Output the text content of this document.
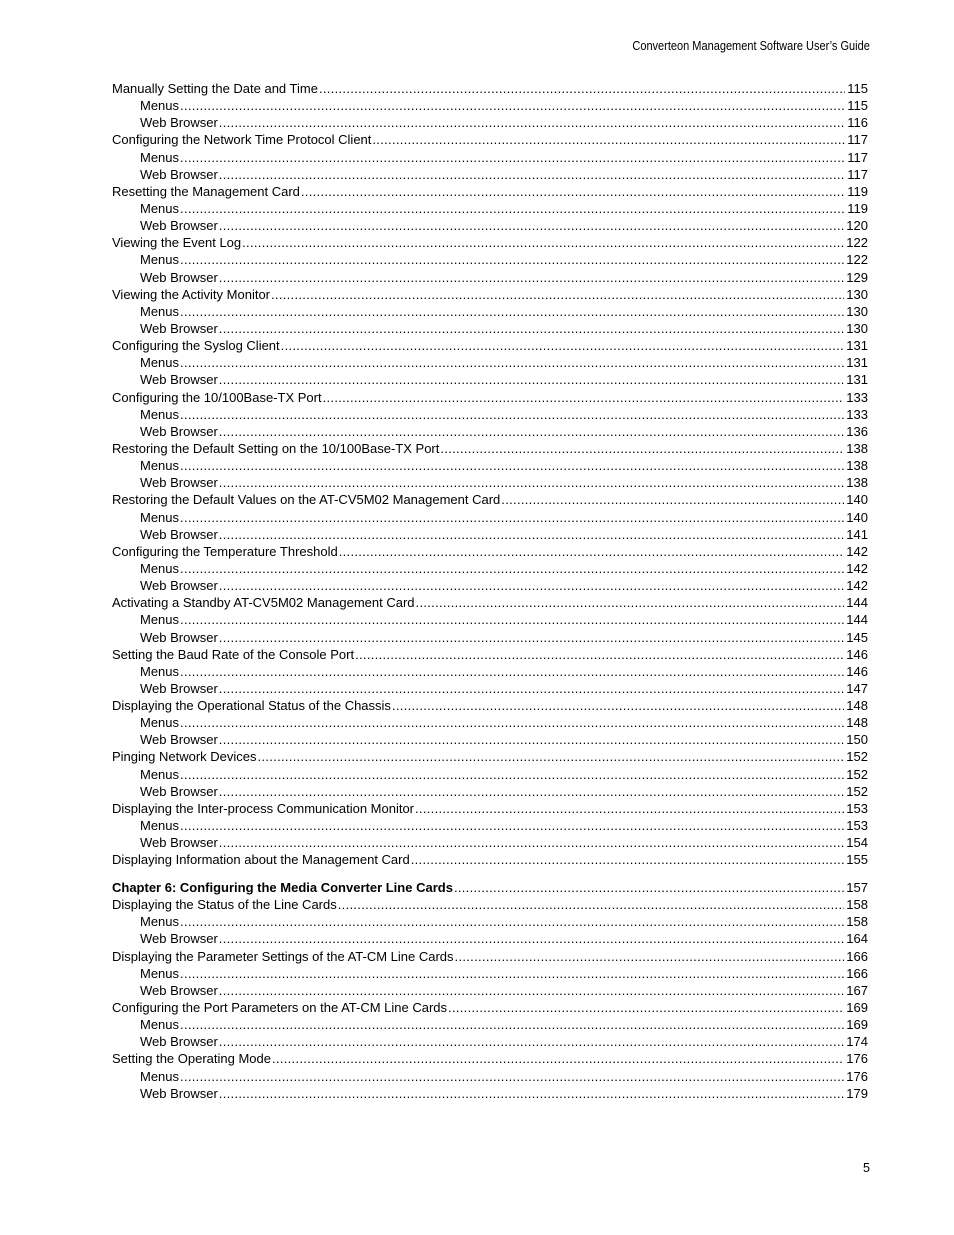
Converteon Management Software User’s Guide
Manually Setting the Date and Time .....	115
Menus .....	115
Web Browser .....	116
Configuring the Network Time Protocol Client .....	117
Menus .....	117
Web Browser .....	117
Resetting the Management Card .....	119
Menus .....	119
Web Browser .....	120
Viewing the Event Log .....	122
Menus .....	122
Web Browser .....	129
Viewing the Activity Monitor .....	130
Menus .....	130
Web Browser .....	130
Configuring the Syslog Client .....	131
Menus .....	131
Web Browser .....	131
Configuring the 10/100Base-TX Port .....	133
Menus .....	133
Web Browser .....	136
Restoring the Default Setting on the 10/100Base-TX Port .....	138
Menus .....	138
Web Browser .....	138
Restoring the Default Values on the AT-CV5M02 Management Card .....	140
Menus .....	140
Web Browser .....	141
Configuring the Temperature Threshold .....	142
Menus .....	142
Web Browser .....	142
Activating a Standby AT-CV5M02 Management Card .....	144
Menus .....	144
Web Browser .....	145
Setting the Baud Rate of the Console Port .....	146
Menus .....	146
Web Browser .....	147
Displaying the Operational Status of the Chassis .....	148
Menus .....	148
Web Browser .....	150
Pinging Network Devices .....	152
Menus .....	152
Web Browser .....	152
Displaying the Inter-process Communication Monitor .....	153
Menus .....	153
Web Browser .....	154
Displaying Information about the Management Card .....	155
Chapter 6: Configuring the Media Converter Line Cards .....	157
Displaying the Status of the Line Cards .....	158
Menus .....	158
Web Browser .....	164
Displaying the Parameter Settings of the AT-CM Line Cards .....	166
Menus .....	166
Web Browser .....	167
Configuring the Port Parameters on the AT-CM Line Cards .....	169
Menus .....	169
Web Browser .....	174
Setting the Operating Mode .....	176
Menus .....	176
Web Browser .....	179
5
